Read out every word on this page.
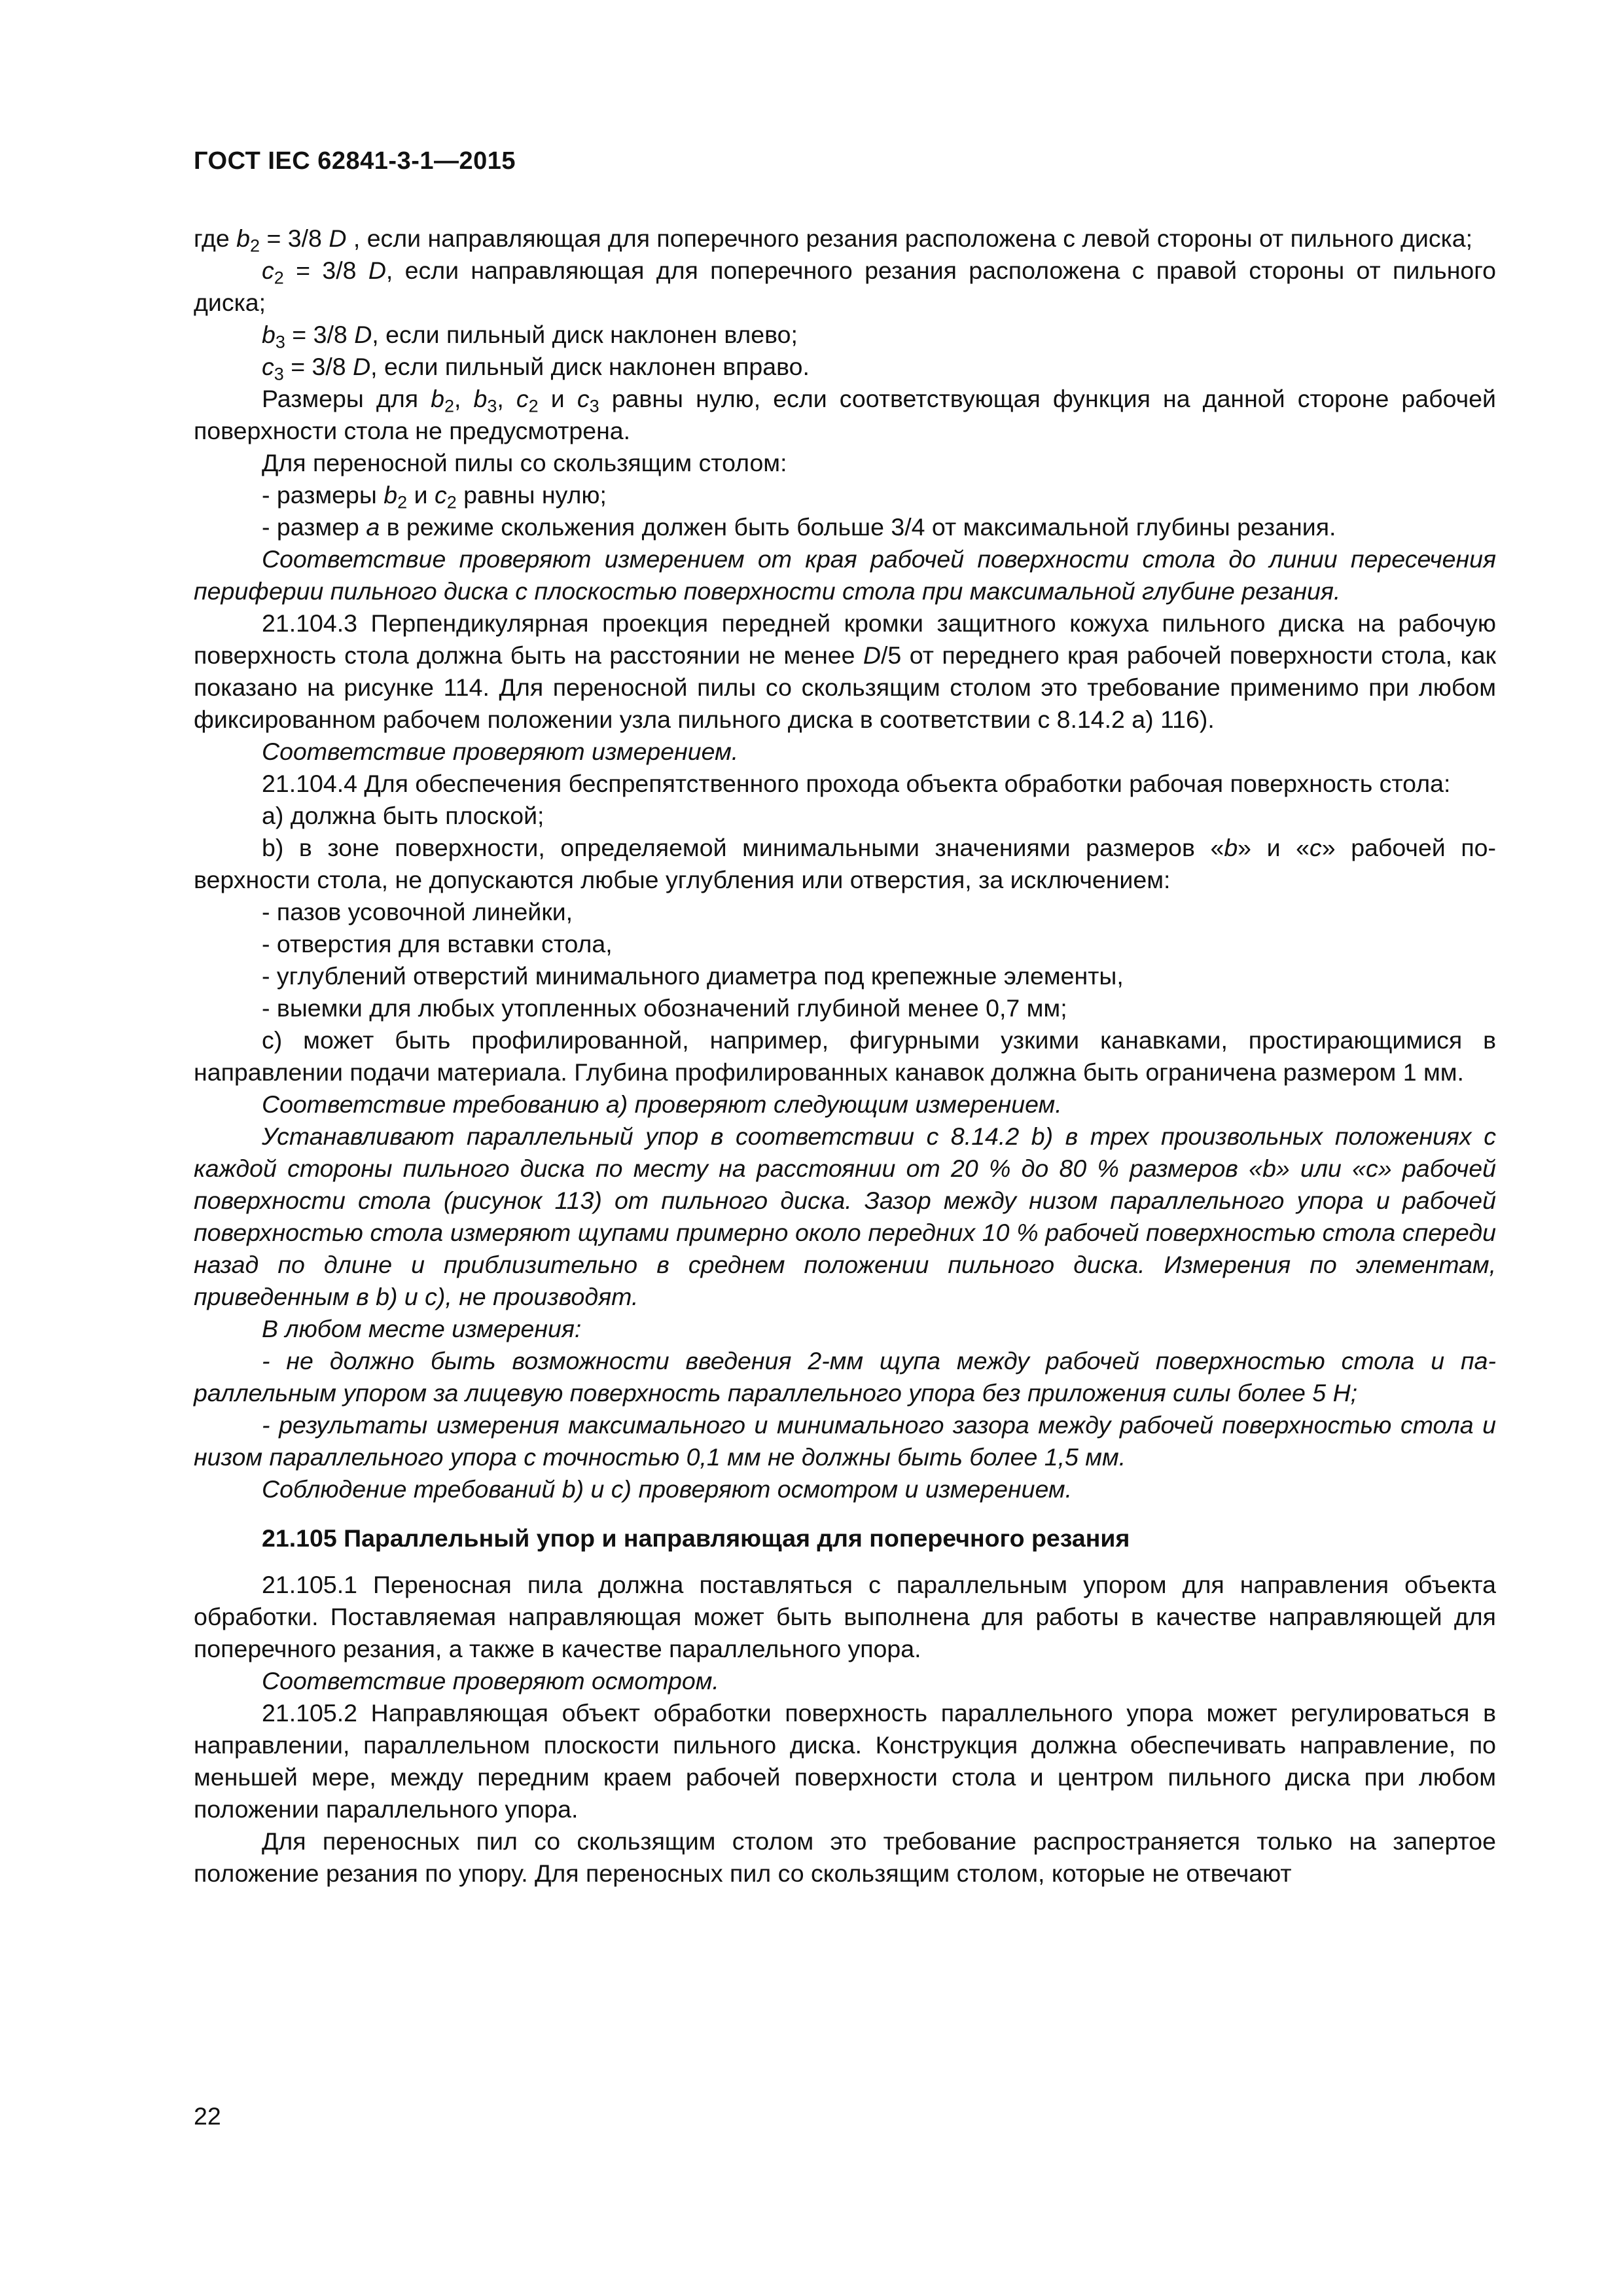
ГОСТ IEC 62841-3-1—2015

где $b_2 = 3/8$ D , если направляющая для поперечного резания расположена с левой стороны от пильного диска;

$c_2 = 3/8$ D, если направляющая для поперечного резания расположена с правой стороны от пильного диска;

$b_3 = 3/8$ D, если пильный диск наклонен влево;

$c_3 = 3/8$ D, если пильный диск наклонен вправо.

Размеры для $b_2$, $b_3$, $c_2$ и $c_3$ равны нулю, если соответствующая функция на данной стороне рабочей поверхности стола не предусмотрена.

Для переносной пилы со скользящим столом:

- размеры $b_2$ и $c_2$ равны нулю;

- размер a в режиме скольжения должен быть больше 3/4 от максимальной глубины резания.

Соответствие проверяют измерением от края рабочей поверхности стола до линии пересечения периферии пильного диска с плоскостью поверхности стола при максимальной глубине резания.

21.104.3 Перпендикулярная проекция передней кромки защитного кожуха пильного диска на рабочую поверхность стола должна быть на расстоянии не менее D/5 от переднего края рабочей поверхности стола, как показано на рисунке 114. Для переносной пилы со скользящим столом это требование применимо при любом фиксированном рабочем положении узла пильного диска в соответствии с 8.14.2 а) 116).

Соответствие проверяют измерением.

21.104.4 Для обеспечения беспрепятственного прохода объекта обработки рабочая поверхность стола:

а) должна быть плоской;

b) в зоне поверхности, определяемой минимальными значениями размеров «b» и «c» рабочей поверхности стола, не допускаются любые углубления или отверстия, за исключением:

- пазов усовочной линейки,

- отверстия для вставки стола,

- углублений отверстий минимального диаметра под крепежные элементы,

- выемки для любых утопленных обозначений глубиной менее 0,7 мм;

с) может быть профилированной, например, фигурными узкими канавками, простирающимися в направлении подачи материала. Глубина профилированных канавок должна быть ограничена размером 1 мм.

Соответствие требованию а) проверяют следующим измерением.

Устанавливают параллельный упор в соответствии с 8.14.2 b) в трех произвольных положениях с каждой стороны пильного диска по месту на расстоянии от 20 % до 80 % размеров «b» или «c» рабочей поверхности стола (рисунок 113) от пильного диска. Зазор между низом параллельного упора и рабочей поверхностью стола измеряют щупами примерно около передних 10 % рабочей поверхностью стола спереди назад по длине и приблизительно в среднем положении пильного диска. Измерения по элементам, приведенным в b) и c), не производят.

В любом месте измерения:

- не должно быть возможности введения 2-мм щупа между рабочей поверхностью стола и параллельным упором за лицевую поверхность параллельного упора без приложения силы более 5 Н;

- результаты измерения максимального и минимального зазора между рабочей поверхностью стола и низом параллельного упора с точностью 0,1 мм не должны быть более 1,5 мм.

Соблюдение требований b) и c) проверяют осмотром и измерением.

21.105 Параллельный упор и направляющая для поперечного резания

21.105.1 Переносная пила должна поставляться с параллельным упором для направления объекта обработки. Поставляемая направляющая может быть выполнена для работы в качестве направляющей для поперечного резания, а также в качестве параллельного упора.

Соответствие проверяют осмотром.

21.105.2 Направляющая объект обработки поверхность параллельного упора может регулироваться в направлении, параллельном плоскости пильного диска. Конструкция должна обеспечивать направление, по меньшей мере, между передним краем рабочей поверхности стола и центром пильного диска при любом положении параллельного упора.

Для переносных пил со скользящим столом это требование распространяется только на запертое положение резания по упору. Для переносных пил со скользящим столом, которые не отвечают

22
